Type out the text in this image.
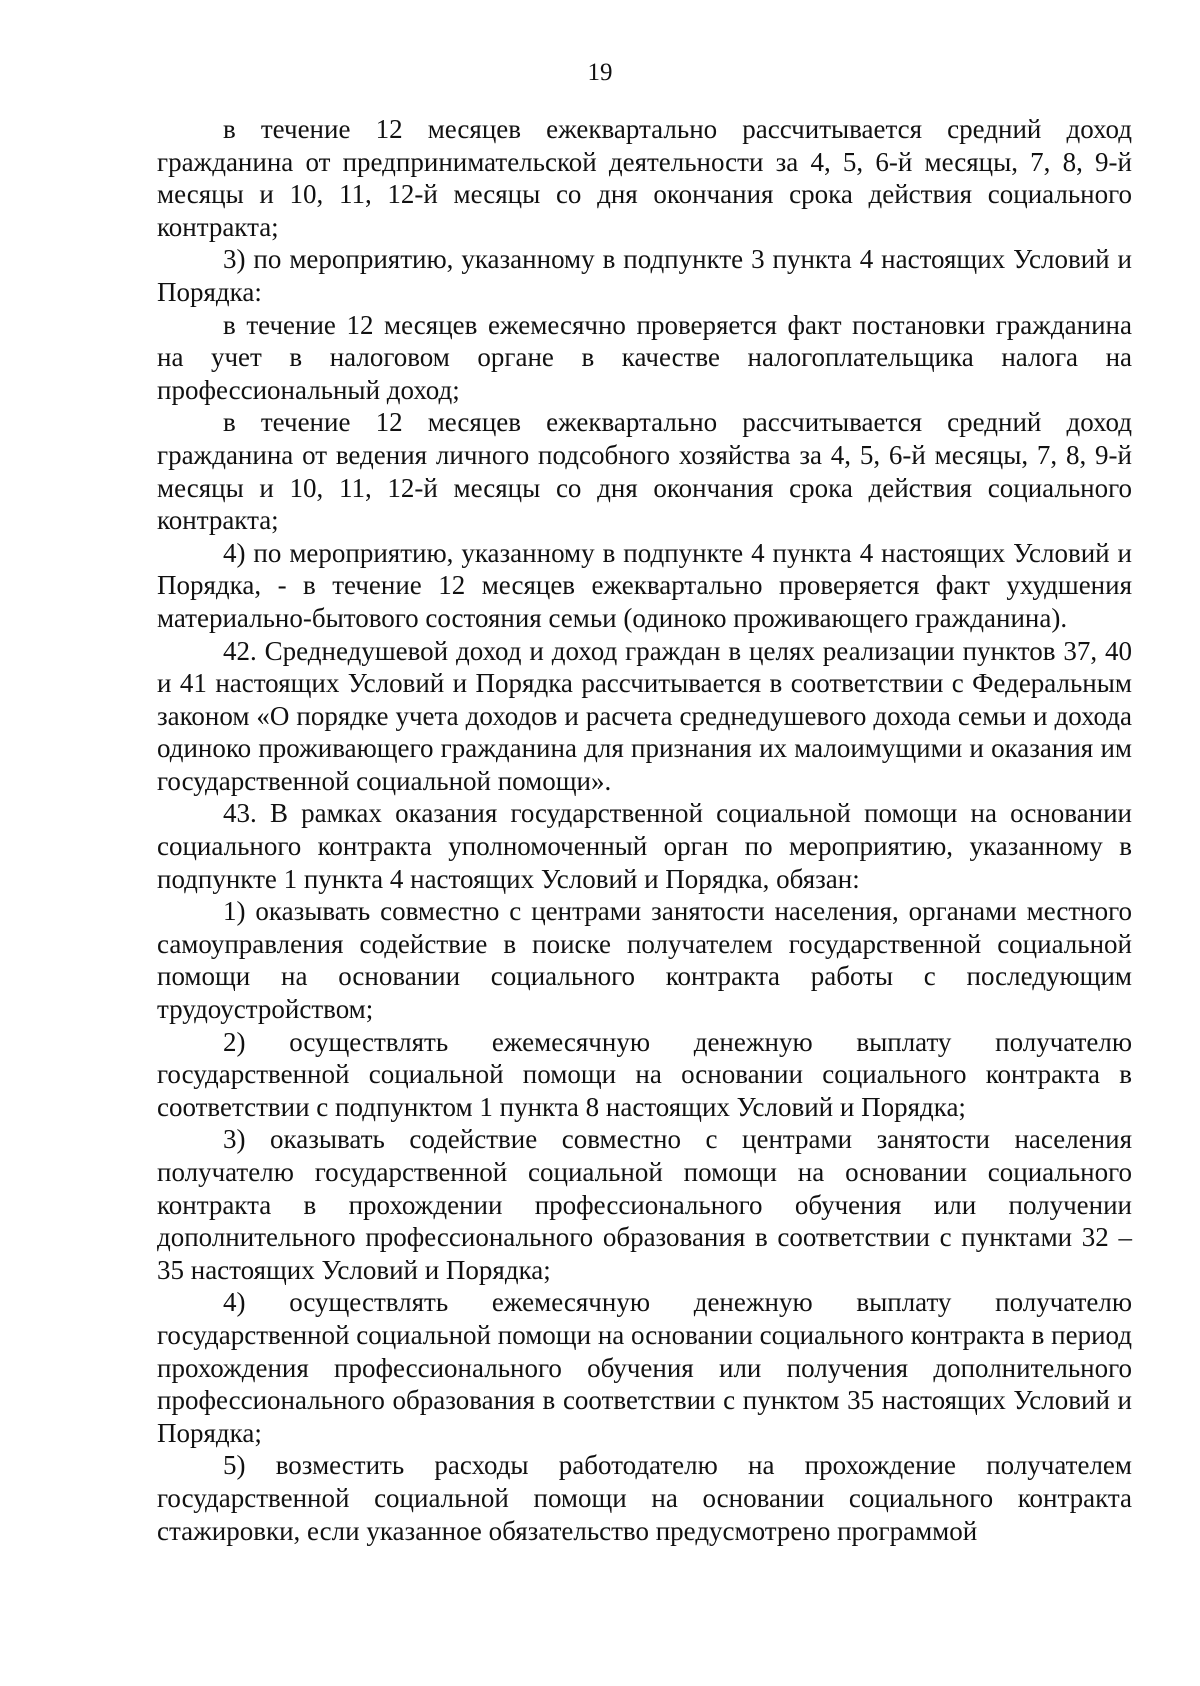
19

в течение 12 месяцев ежеквартально рассчитывается средний доход гражданина от предпринимательской деятельности за 4, 5, 6-й месяцы, 7, 8, 9-й месяцы и 10, 11, 12-й месяцы со дня окончания срока действия социального контракта;

3) по мероприятию, указанному в подпункте 3 пункта 4 настоящих Условий и Порядка:

в течение 12 месяцев ежемесячно проверяется факт постановки гражданина на учет в налоговом органе в качестве налогоплательщика налога на профессиональный доход;

в течение 12 месяцев ежеквартально рассчитывается средний доход гражданина от ведения личного подсобного хозяйства за 4, 5, 6-й месяцы, 7, 8, 9-й месяцы и 10, 11, 12-й месяцы со дня окончания срока действия социального контракта;

4) по мероприятию, указанному в подпункте 4 пункта 4 настоящих Условий и Порядка, - в течение 12 месяцев ежеквартально проверяется факт ухудшения материально-бытового состояния семьи (одиноко проживающего гражданина).

42. Среднедушевой доход и доход граждан в целях реализации пунктов 37, 40 и 41 настоящих Условий и Порядка рассчитывается в соответствии с Федеральным законом «О порядке учета доходов и расчета среднедушевого дохода семьи и дохода одиноко проживающего гражданина для признания их малоимущими и оказания им государственной социальной помощи».

43. В рамках оказания государственной социальной помощи на основании социального контракта уполномоченный орган по мероприятию, указанному в подпункте 1 пункта 4 настоящих Условий и Порядка, обязан:

1) оказывать совместно с центрами занятости населения, органами местного самоуправления содействие в поиске получателем государственной социальной помощи на основании социального контракта работы с последующим трудоустройством;

2) осуществлять ежемесячную денежную выплату получателю государственной социальной помощи на основании социального контракта в соответствии с подпунктом 1 пункта 8 настоящих Условий и Порядка;

3) оказывать содействие совместно с центрами занятости населения получателю государственной социальной помощи на основании социального контракта в прохождении профессионального обучения или получении дополнительного профессионального образования в соответствии с пунктами 32 – 35 настоящих Условий и Порядка;

4) осуществлять ежемесячную денежную выплату получателю государственной социальной помощи на основании социального контракта в период прохождения профессионального обучения или получения дополнительного профессионального образования в соответствии с пунктом 35 настоящих Условий и Порядка;

5) возместить расходы работодателю на прохождение получателем государственной социальной помощи на основании социального контракта стажировки, если указанное обязательство предусмотрено программой
